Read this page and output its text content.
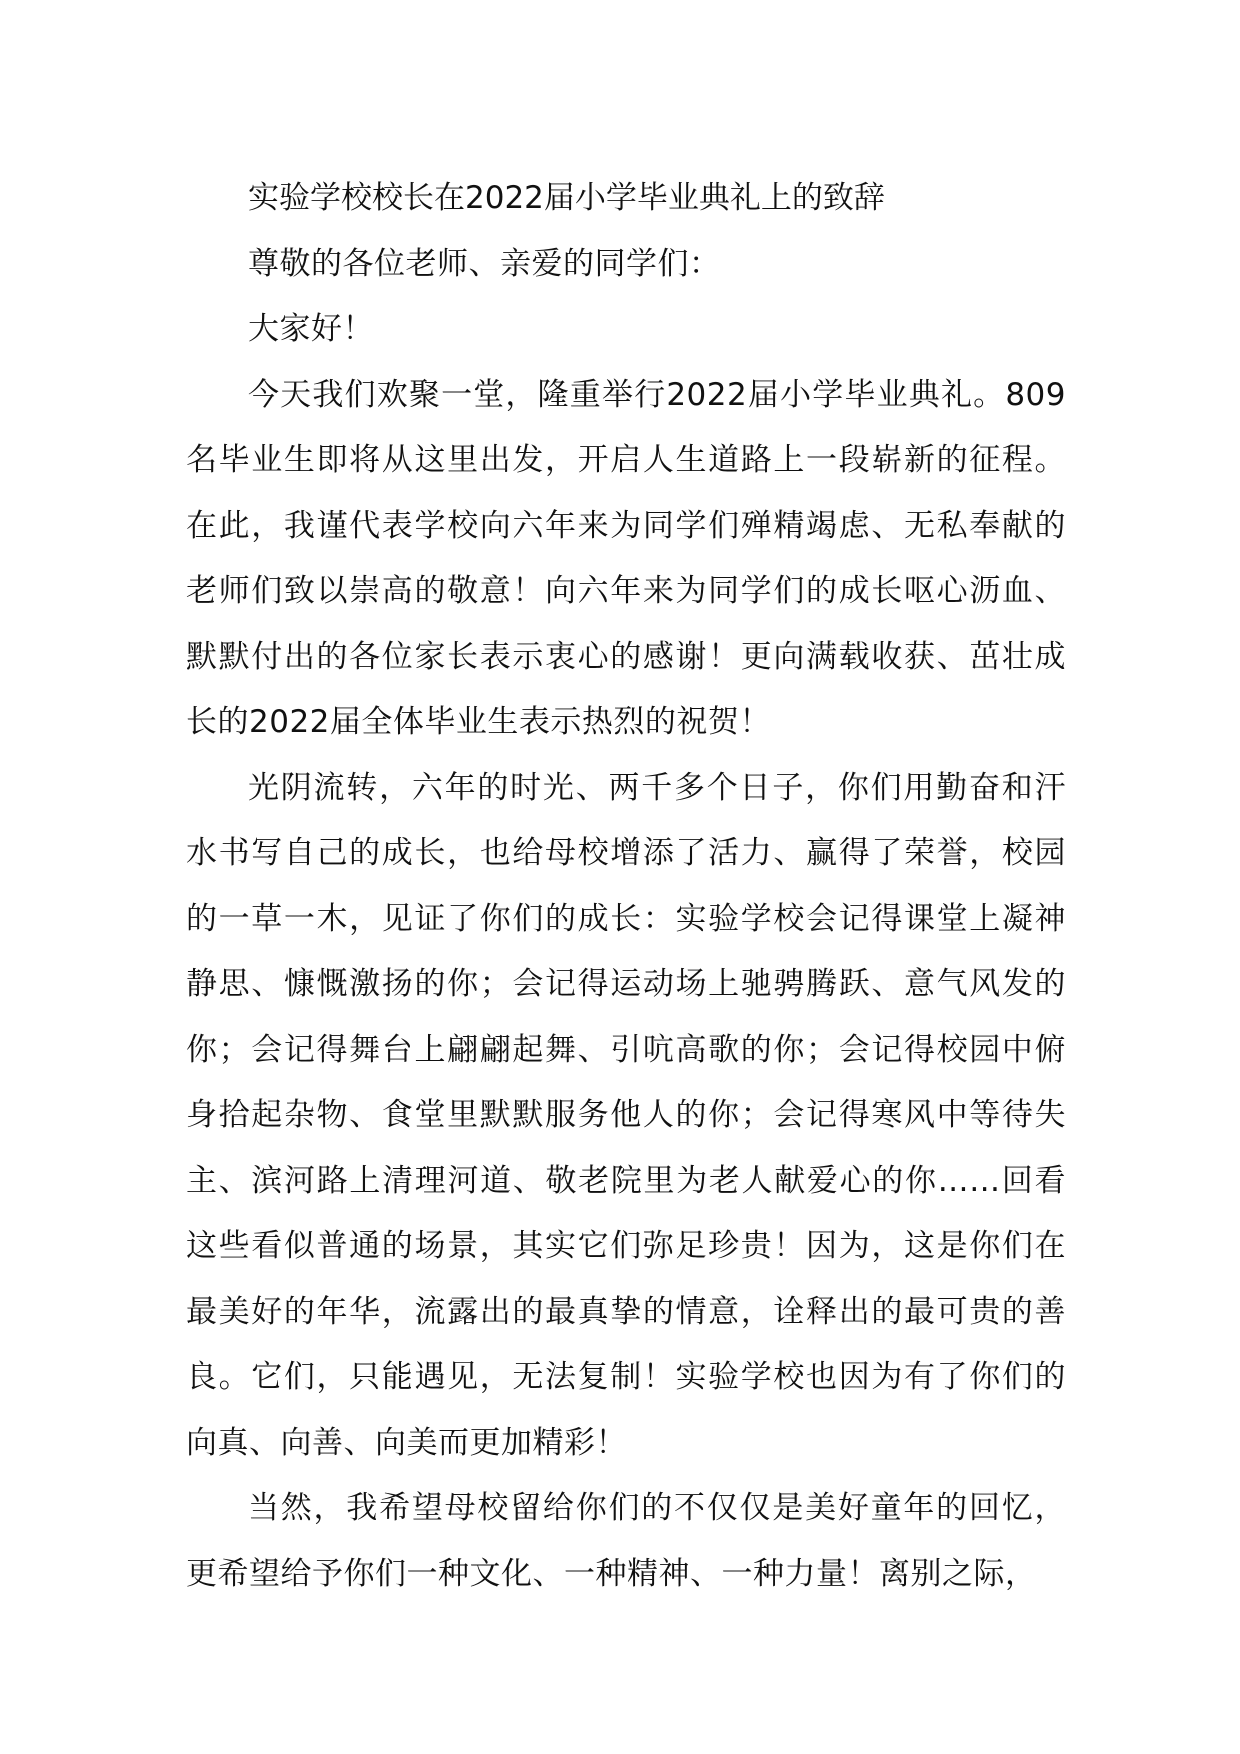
实验学校校长在2022届小学毕业典礼上的致辞

尊敬的各位老师、亲爱的同学们：

大家好！

今天我们欢聚一堂，隆重举行2022届小学毕业典礼。809名毕业生即将从这里出发，开启人生道路上一段崭新的征程。在此，我谨代表学校向六年来为同学们殚精竭虑、无私奉献的老师们致以崇高的敬意！向六年来为同学们的成长呕心沥血、默默付出的各位家长表示衷心的感谢！更向满载收获、茁壮成长的2022届全体毕业生表示热烈的祝贺！

光阴流转，六年的时光、两千多个日子，你们用勤奋和汗水书写自己的成长，也给母校增添了活力、赢得了荣誉，校园的一草一木，见证了你们的成长：实验学校会记得课堂上凝神静思、慷慨激扬的你；会记得运动场上驰骋腾跃、意气风发的你；会记得舞台上翩翩起舞、引吭高歌的你；会记得校园中俯身拾起杂物、食堂里默默服务他人的你；会记得寒风中等待失主、滨河路上清理河道、敬老院里为老人献爱心的你……回看这些看似普通的场景，其实它们弥足珍贵！因为，这是你们在最美好的年华，流露出的最真挚的情意，诠释出的最可贵的善良。它们，只能遇见，无法复制！实验学校也因为有了你们的向真、向善、向美而更加精彩！

当然，我希望母校留给你们的不仅仅是美好童年的回忆，更希望给予你们一种文化、一种精神、一种力量！离别之际，
